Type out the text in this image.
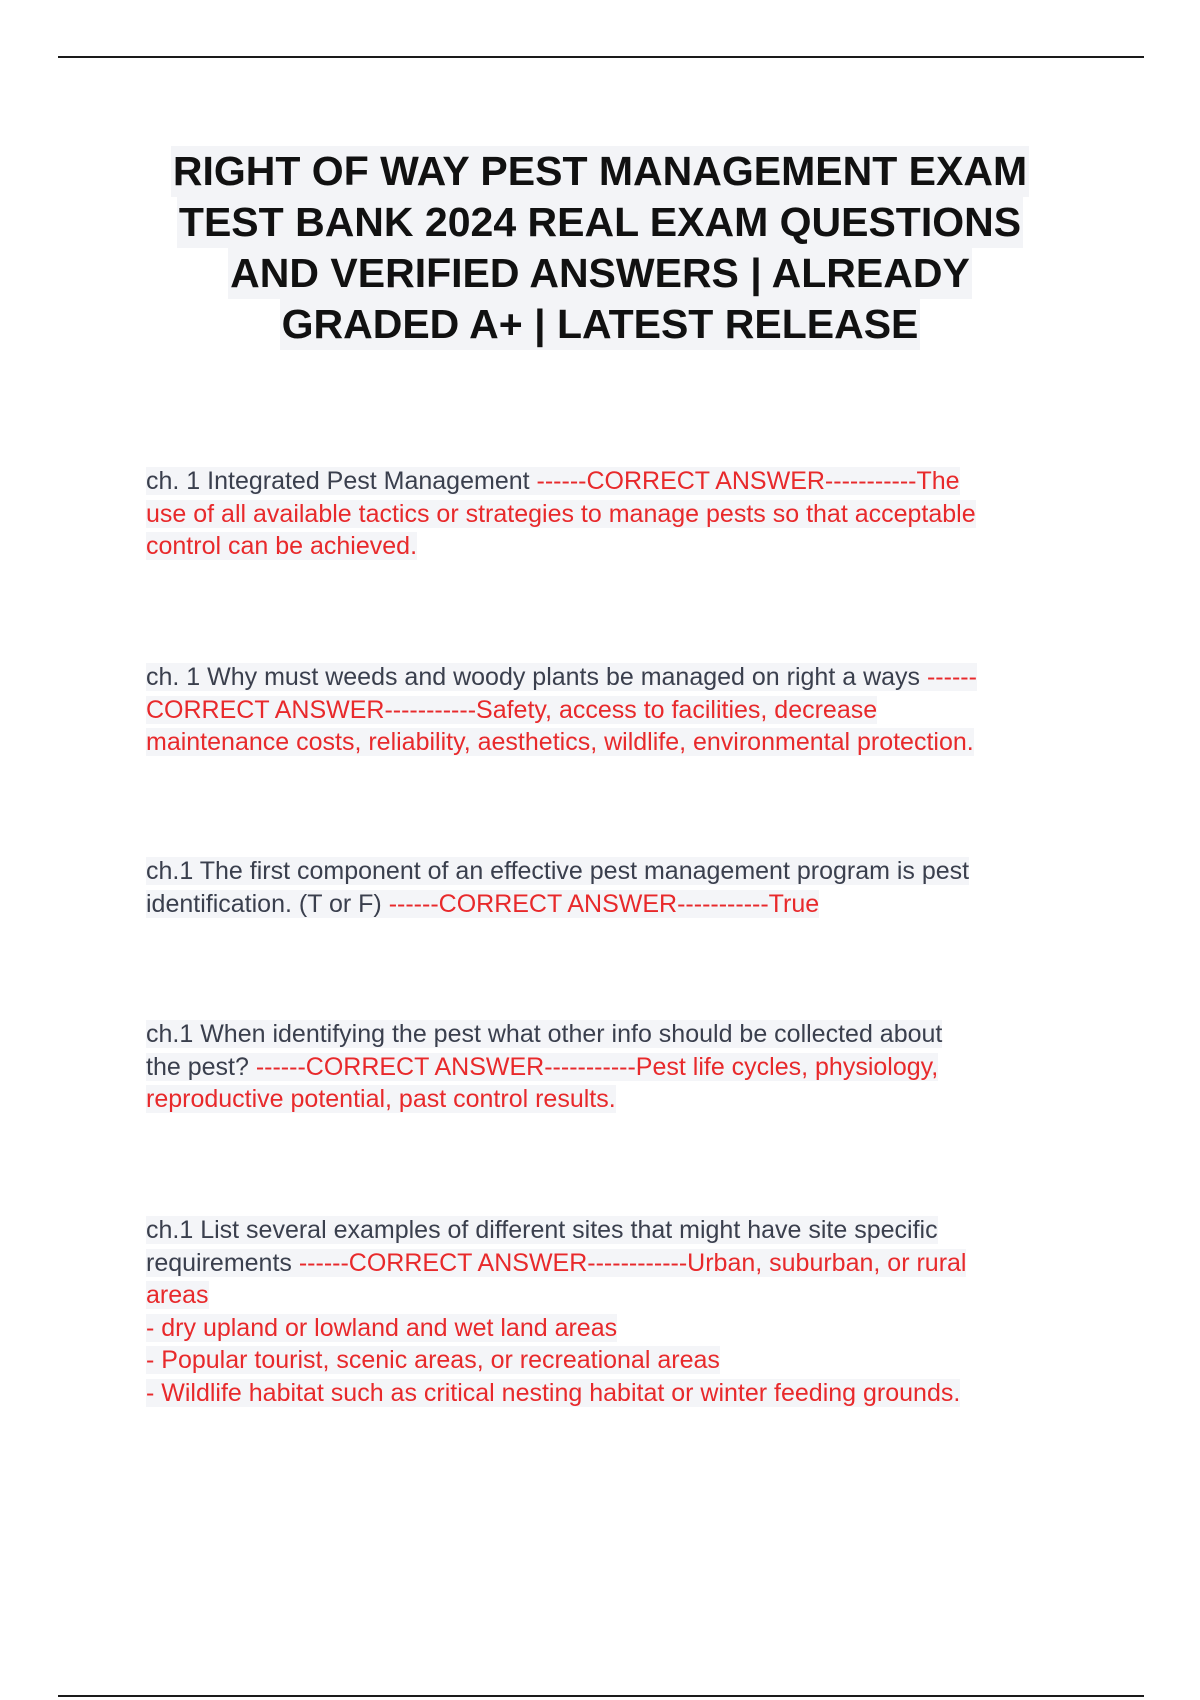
RIGHT OF WAY PEST MANAGEMENT EXAM
TEST BANK 2024 REAL EXAM QUESTIONS
AND VERIFIED ANSWERS | ALREADY
GRADED A+ | LATEST RELEASE
ch. 1 Integrated Pest Management ------CORRECT ANSWER-----------The
use of all available tactics or strategies to manage pests so that acceptable
control can be achieved.
ch. 1 Why must weeds and woody plants be managed on right a ways ------
CORRECT ANSWER-----------Safety, access to facilities, decrease
maintenance costs, reliability, aesthetics, wildlife, environmental protection.
ch.1 The first component of an effective pest management program is pest
identification. (T or F) ------CORRECT ANSWER-----------True
ch.1 When identifying the pest what other info should be collected about
the pest? ------CORRECT ANSWER-----------Pest life cycles, physiology,
reproductive potential, past control results.
ch.1 List several examples of different sites that might have site specific
requirements ------CORRECT ANSWER------------Urban, suburban, or rural
areas
- dry upland or lowland and wet land areas
- Popular tourist, scenic areas, or recreational areas
- Wildlife habitat such as critical nesting habitat or winter feeding grounds.
